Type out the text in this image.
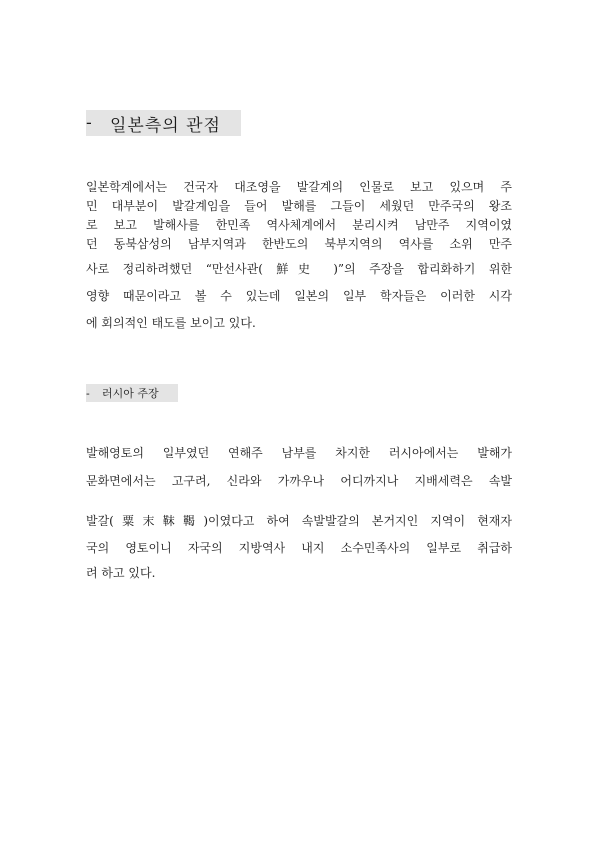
-	일본측의 관점
일본학계에서는 건국자 대조영을 발갈계의 인물로 보고 있으며 주
민 대부분이 발갈계임을 들어 발해를 그들이 세웠던 만주국의 왕조
로 보고 발해사를 한민족 역사체계에서 분리시켜 남만주 지역이였
던 동북삼성의 남부지역과 한반도의 북부지역의 역사를 소위 만주
사로 정리하려했던 “만선사관( 鮮史 )”의 주장을 합리화하기 위한
영향 때문이라고 볼 수 있는데 일본의 일부 학자들은 이러한 시각
에 회의적인 태도를 보이고 있다.
-	러시아 주장
발해영토의 일부였던 연해주 남부를 차지한 러시아에서는 발해가
문화면에서는 고구려, 신라와 가까우나 어디까지나 지배세력은 속발
발갈(粟末靺鞨)이였다고 하여 속발발갈의 본거지인 지역이 현재자
국의 영토이니 자국의 지방역사 내지 소수민족사의 일부로 취급하
려 하고 있다.
